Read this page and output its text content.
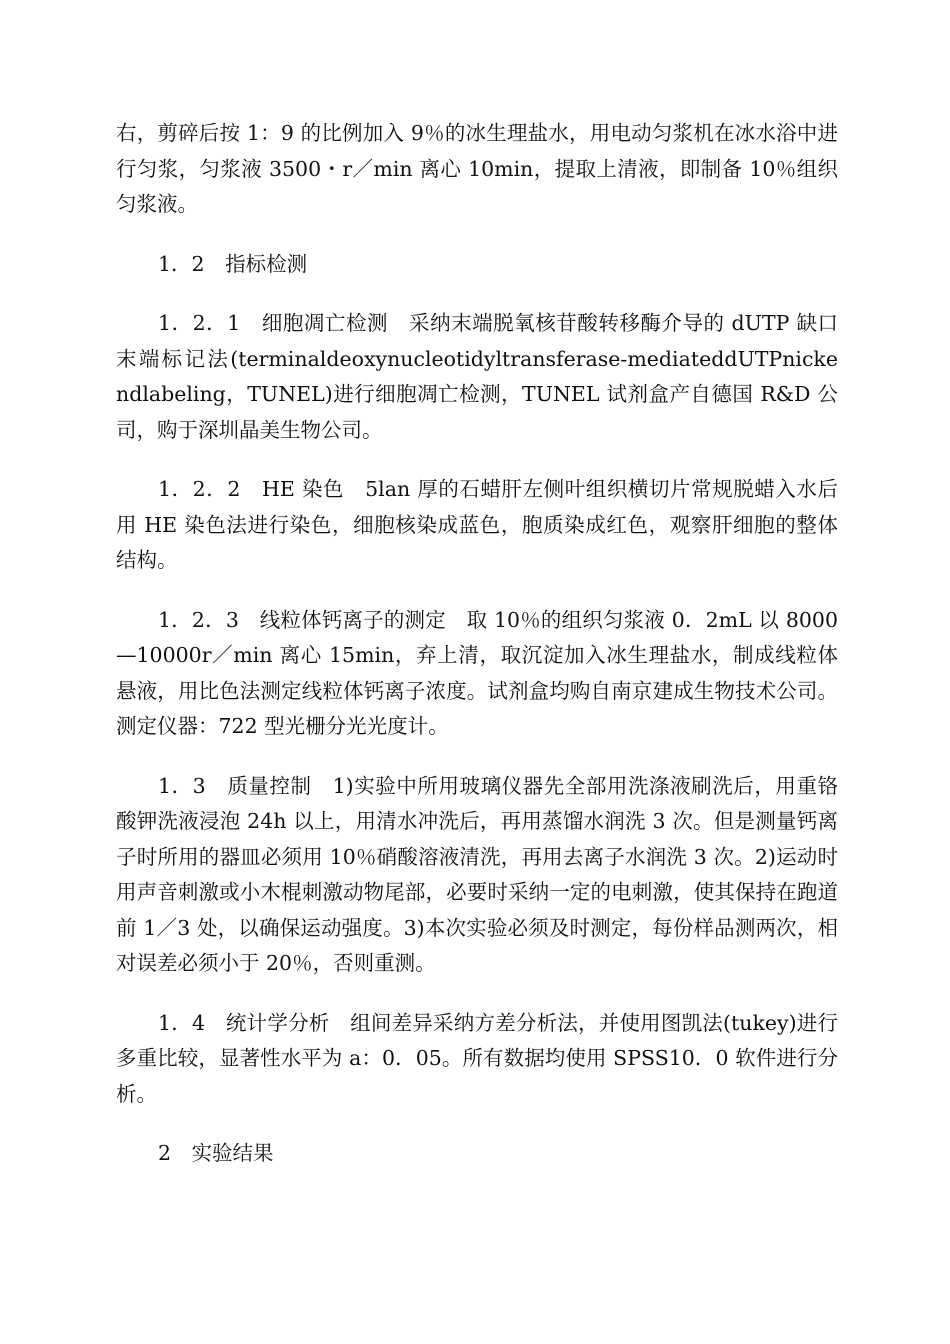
右，剪碎后按 1：9 的比例加入 9％的冰生理盐水，用电动匀浆机在冰水浴中进行匀浆，匀浆液 3500・r／min 离心 10min，提取上清液，即制备 10％组织匀浆液。

1．2　指标检测

1．2．1　细胞凋亡检测　采纳末端脱氧核苷酸转移酶介导的 dUTP 缺口末端标记法(terminaldeoxynucleotidyltransferase-mediateddUTPnickendlabeling，TUNEL)进行细胞凋亡检测，TUNEL 试剂盒产自德国 R&D 公司，购于深圳晶美生物公司。

1．2．2　HE 染色　5lan 厚的石蜡肝左侧叶组织横切片常规脱蜡入水后用 HE 染色法进行染色，细胞核染成蓝色，胞质染成红色，观察肝细胞的整体结构。

1．2．3　线粒体钙离子的测定　取 10％的组织匀浆液 0．2mL 以 8000—10000r／min 离心 15min，弃上清，取沉淀加入冰生理盐水，制成线粒体悬液，用比色法测定线粒体钙离子浓度。试剂盒均购自南京建成生物技术公司。测定仪器：722 型光栅分光光度计。

1．3　质量控制　1)实验中所用玻璃仪器先全部用洗涤液刷洗后，用重铬酸钾洗液浸泡 24h 以上，用清水冲洗后，再用蒸馏水润洗 3 次。但是测量钙离子时所用的器皿必须用 10％硝酸溶液清洗，再用去离子水润洗 3 次。2)运动时用声音刺激或小木棍刺激动物尾部，必要时采纳一定的电刺激，使其保持在跑道前 1／3 处，以确保运动强度。3)本次实验必须及时测定，每份样品测两次，相对误差必须小于 20％，否则重测。

1．4　统计学分析　组间差异采纳方差分析法，并使用图凯法(tukey)进行多重比较，显著性水平为 a：0．05。所有数据均使用 SPSS10．0 软件进行分析。

2　实验结果
